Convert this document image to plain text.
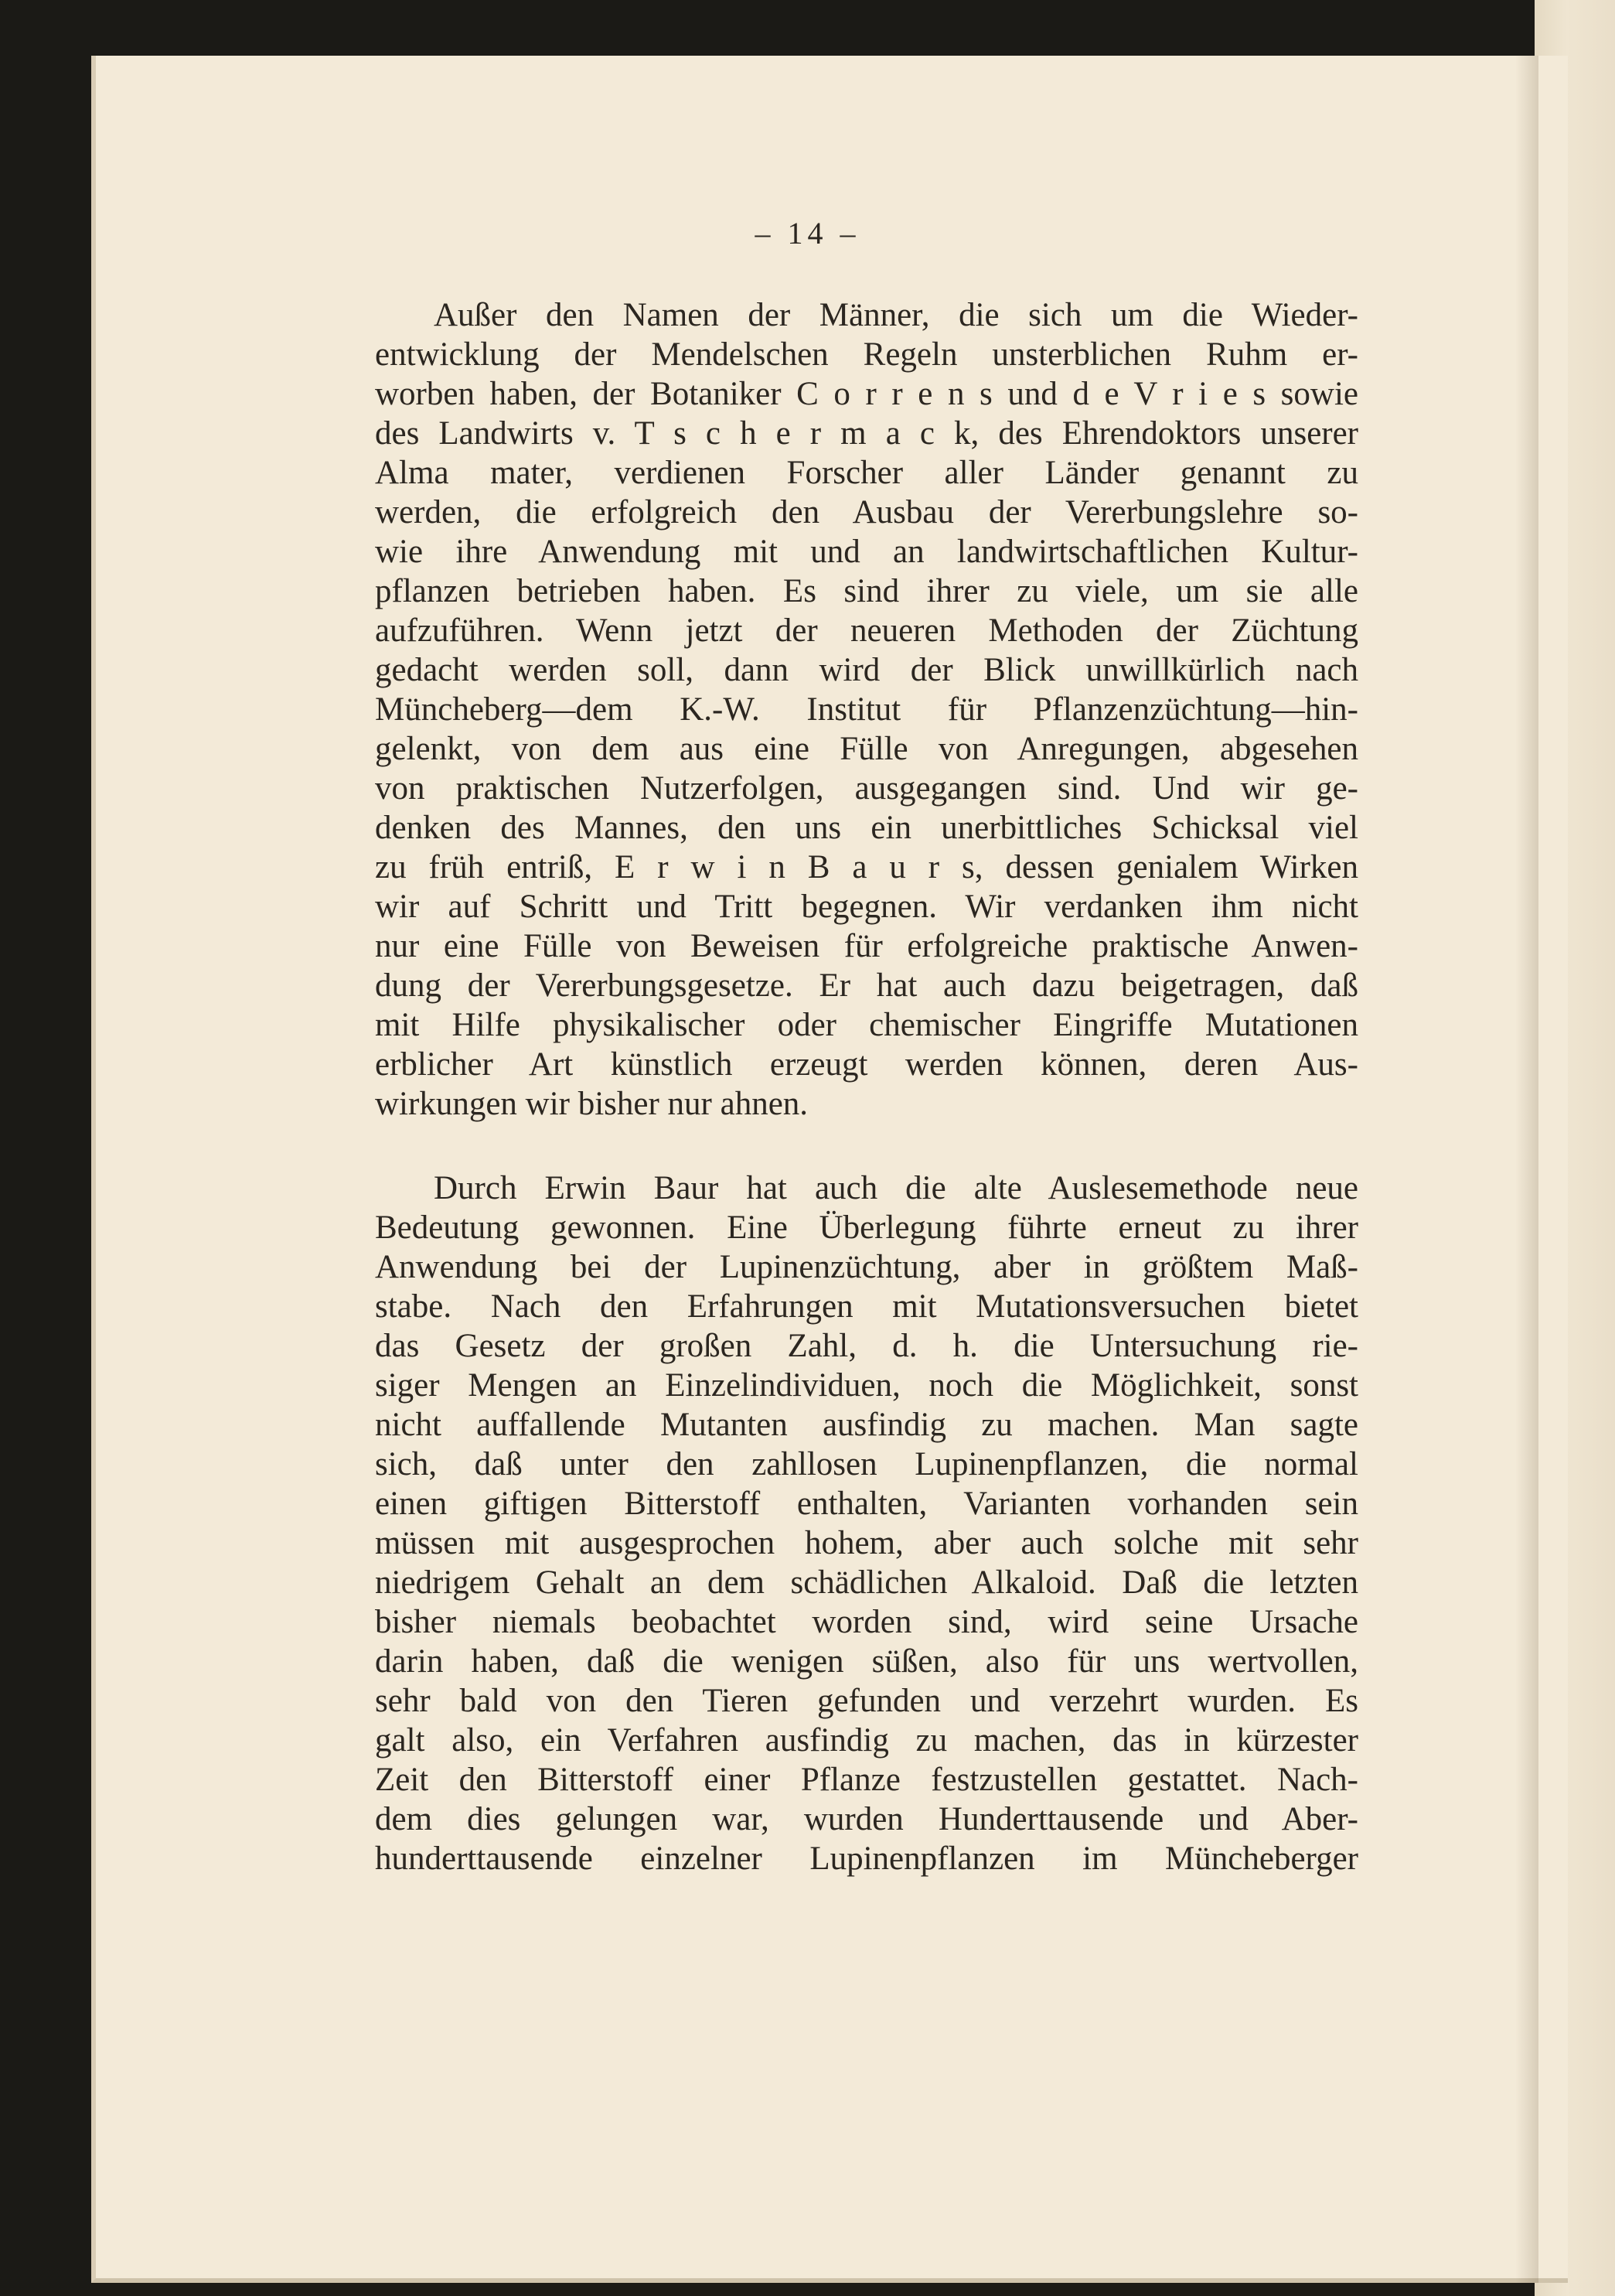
– 14 –
Außer den Namen der Männer, die sich um die Wieder-
entwicklung der Mendelschen Regeln unsterblichen Ruhm er-
worben haben, der Botaniker C o r r e n s und d e V r i e s sowie
des Landwirts v. T s c h e r m a c k, des Ehrendoktors unserer
Alma mater, verdienen Forscher aller Länder genannt zu
werden, die erfolgreich den Ausbau der Vererbungslehre so-
wie ihre Anwendung mit und an landwirtschaftlichen Kultur-
pflanzen betrieben haben. Es sind ihrer zu viele, um sie alle
aufzuführen. Wenn jetzt der neueren Methoden der Züchtung
gedacht werden soll, dann wird der Blick unwillkürlich nach
Müncheberg—dem K.-W. Institut für Pflanzenzüchtung—hin-
gelenkt, von dem aus eine Fülle von Anregungen, abgesehen
von praktischen Nutzerfolgen, ausgegangen sind. Und wir ge-
denken des Mannes, den uns ein unerbittliches Schicksal viel
zu früh entriß, E r w i n B a u r s, dessen genialem Wirken
wir auf Schritt und Tritt begegnen. Wir verdanken ihm nicht
nur eine Fülle von Beweisen für erfolgreiche praktische Anwen-
dung der Vererbungsgesetze. Er hat auch dazu beigetragen, daß
mit Hilfe physikalischer oder chemischer Eingriffe Mutationen
erblicher Art künstlich erzeugt werden können, deren Aus-
wirkungen wir bisher nur ahnen.
Durch Erwin Baur hat auch die alte Auslesemethode neue
Bedeutung gewonnen. Eine Überlegung führte erneut zu ihrer
Anwendung bei der Lupinenzüchtung, aber in größtem Maß-
stabe. Nach den Erfahrungen mit Mutationsversuchen bietet
das Gesetz der großen Zahl, d. h. die Untersuchung rie-
siger Mengen an Einzelindividuen, noch die Möglichkeit, sonst
nicht auffallende Mutanten ausfindig zu machen. Man sagte
sich, daß unter den zahllosen Lupinenpflanzen, die normal
einen giftigen Bitterstoff enthalten, Varianten vorhanden sein
müssen mit ausgesprochen hohem, aber auch solche mit sehr
niedrigem Gehalt an dem schädlichen Alkaloid. Daß die letzten
bisher niemals beobachtet worden sind, wird seine Ursache
darin haben, daß die wenigen süßen, also für uns wertvollen,
sehr bald von den Tieren gefunden und verzehrt wurden. Es
galt also, ein Verfahren ausfindig zu machen, das in kürzester
Zeit den Bitterstoff einer Pflanze festzustellen gestattet. Nach-
dem dies gelungen war, wurden Hunderttausende und Aber-
hunderttausende einzelner Lupinenpflanzen im Müncheberger
